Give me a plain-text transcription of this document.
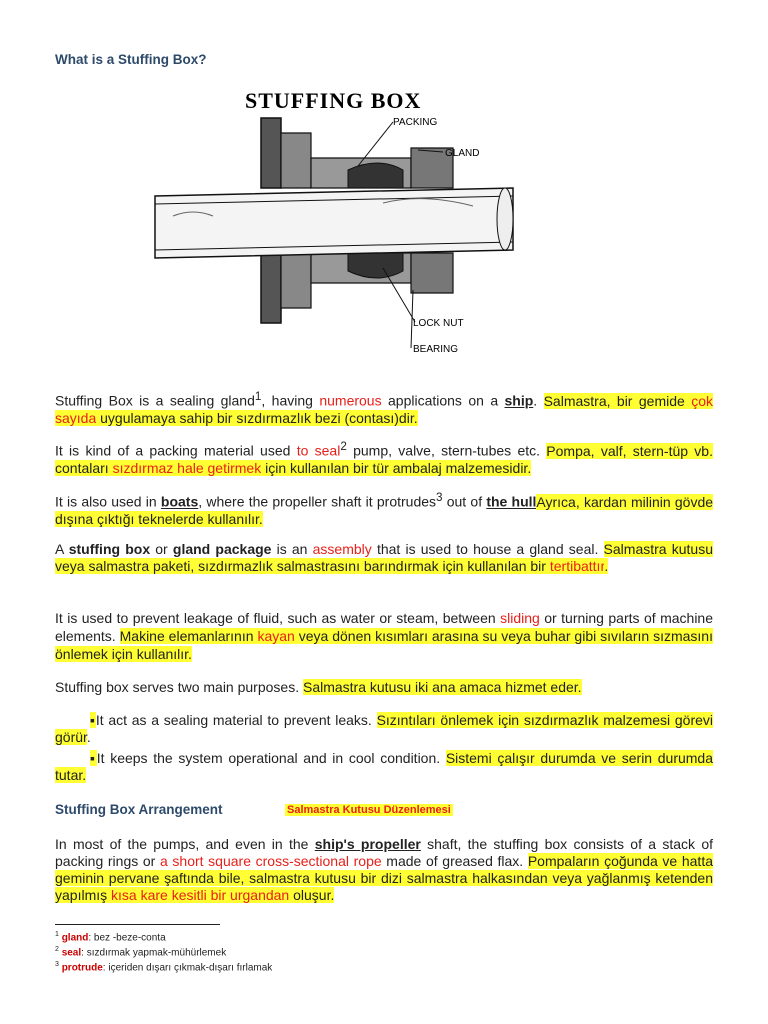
What is a Stuffing Box?
STUFFING BOX
PACKING
GLAND
LOCK NUT
BEARING
Stuffing Box is a sealing gland$^1$, having numerous applications on a ship. Salmastra, bir gemide çok sayıda uygulamaya sahip bir sızdırmazlık bezi (contası)dir.
It is kind of a packing material used to seal$^2$ pump, valve, stern-tubes etc. Pompa, valf, stern-tüp vb. contaları sızdırmaz hale getirmek için kullanılan bir tür ambalaj malzemesidir.
It is also used in boats, where the propeller shaft it protrudes$^3$ out of the hullAyrıca, kardan milinin gövde dışına çıktığı teknelerde kullanılır.
A stuffing box or gland package is an assembly that is used to house a gland seal. Salmastra kutusu veya salmastra paketi, sızdırmazlık salmastrasını barındırmak için kullanılan bir tertibattır.
It is used to prevent leakage of fluid, such as water or steam, between sliding or turning parts of machine elements. Makine elemanlarının kayan veya dönen kısımları arasına su veya buhar gibi sıvıların sızmasını önlemek için kullanılır.
Stuffing box serves two main purposes. Salmastra kutusu iki ana amaca hizmet eder.
▪It act as a sealing material to prevent leaks. Sızıntıları önlemek için sızdırmazlık malzemesi görevi görür.
▪It keeps the system operational and in cool condition. Sistemi çalışır durumda ve serin durumda tutar.
Stuffing Box Arrangement	Salmastra Kutusu Düzenlemesi
In most of the pumps, and even in the ship's propeller shaft, the stuffing box consists of a stack of packing rings or a short square cross-sectional rope made of greased flax. Pompaların çoğunda ve hatta geminin pervane şaftında bile, salmastra kutusu bir dizi salmastra halkasından veya yağlanmış ketenden yapılmış kısa kare kesitli bir urgandan oluşur.
$^1$ gland: bez -beze-conta
$^2$ seal: sızdırmak yapmak-mühürlemek
$^3$ protrude: içeriden dışarı çıkmak-dışarı fırlamak
